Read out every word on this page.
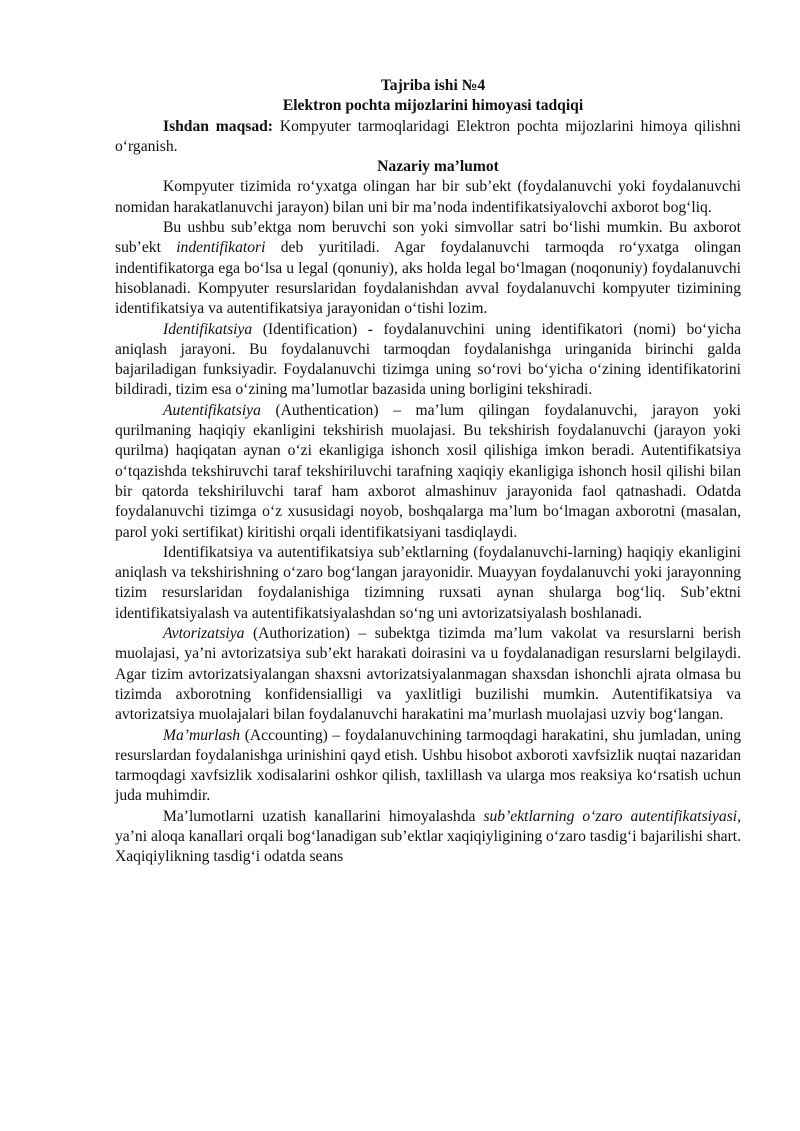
Tajriba ishi №4
Elektron pochta mijozlarini himoyasi tadqiqi

Ishdan maqsad: Kompyuter tarmoqlaridagi Elektron pochta mijozlarini himoya qilishni oʻrganish.

Nazariy maʼlumot

Kompyuter tizimida roʻyxatga olingan har bir subʼekt (foydalanuvchi yoki foydalanuvchi nomidan harakatlanuvchi jarayon) bilan uni bir maʼnoda indentifikatsiyalovchi axborot bogʻliq.

Bu ushbu subʼektga nom beruvchi son yoki simvollar satri boʻlishi mumkin. Bu axborot subʼekt indentifikatori deb yuritiladi. Agar foydalanuvchi tarmoqda roʻyxatga olingan indentifikatorga ega boʻlsa u legal (qonuniy), aks holda legal boʻlmagan (noqonuniy) foydalanuvchi hisoblanadi. Kompyuter resurslaridan foydalanishdan avval foydalanuvchi kompyuter tizimining identifikatsiya va autentifikatsiya jarayonidan oʻtishi lozim.

Identifikatsiya (Identification) - foydalanuvchini uning identifikatori (nomi) boʻyicha aniqlash jarayoni. Bu foydalanuvchi tarmoqdan foydalanishga uringanida birinchi galda bajariladigan funksiyadir. Foydalanuvchi tizimga uning soʻrovi boʻyicha oʻzining identifikatorini bildiradi, tizim esa oʻzining maʼlumotlar bazasida uning borligini tekshiradi.

Autentifikatsiya (Authentication) – maʼlum qilingan foydalanuvchi, jarayon yoki qurilmaning haqiqiy ekanligini tekshirish muolajasi. Bu tekshirish foydalanuvchi (jarayon yoki qurilma) haqiqatan aynan oʻzi ekanligiga ishonch xosil qilishiga imkon beradi. Autentifikatsiya oʻtqazishda tekshiruvchi taraf tekshiriluvchi tarafning xaqiqiy ekanligiga ishonch hosil qilishi bilan bir qatorda tekshiriluvchi taraf ham axborot almashinuv jarayonida faol qatnashadi. Odatda foydalanuvchi tizimga oʻz xususidagi noyob, boshqalarga maʼlum boʻlmagan axborotni (masalan, parol yoki sertifikat) kiritishi orqali identifikatsiyani tasdiqlaydi.

Identifikatsiya va autentifikatsiya subʼektlarning (foydalanuvchi-larning) haqiqiy ekanligini aniqlash va tekshirishning oʻzaro bogʻlangan jarayonidir. Muayyan foydalanuvchi yoki jarayonning tizim resurslaridan foydalanishiga tizimning ruxsati aynan shularga bogʻliq. Subʼektni identifikatsiyalash va autentifikatsiyalashdan soʻng uni avtorizatsiyalash boshlanadi.

Avtorizatsiya (Authorization) – subektga tizimda maʼlum vakolat va resurslarni berish muolajasi, yaʼni avtorizatsiya subʼekt harakati doirasini va u foydalanadigan resurslarni belgilaydi. Agar tizim avtorizatsiyalangan shaxsni avtorizatsiyalanmagan shaxsdan ishonchli ajrata olmasa bu tizimda axborotning konfidensialligi va yaxlitligi buzilishi mumkin. Autentifikatsiya va avtorizatsiya muolajalari bilan foydalanuvchi harakatini maʼmurlash muolajasi uzviy bogʻlangan.

Maʼmurlash (Accounting) – foydalanuvchining tarmoqdagi harakatini, shu jumladan, uning resurslardan foydalanishga urinishini qayd etish. Ushbu hisobot axboroti xavfsizlik nuqtai nazaridan tarmoqdagi xavfsizlik xodisalarini oshkor qilish, taxlillash va ularga mos reaksiya koʻrsatish uchun juda muhimdir.

Maʼlumotlarni uzatish kanallarini himoyalashda subʼektlarning oʻzaro autentifikatsiyasi, yaʼni aloqa kanallari orqali bogʻlanadigan subʼektlar xaqiqiyligining oʻzaro tasdigʻi bajarilishi shart. Xaqiqiylikning tasdigʻi odatda seans
